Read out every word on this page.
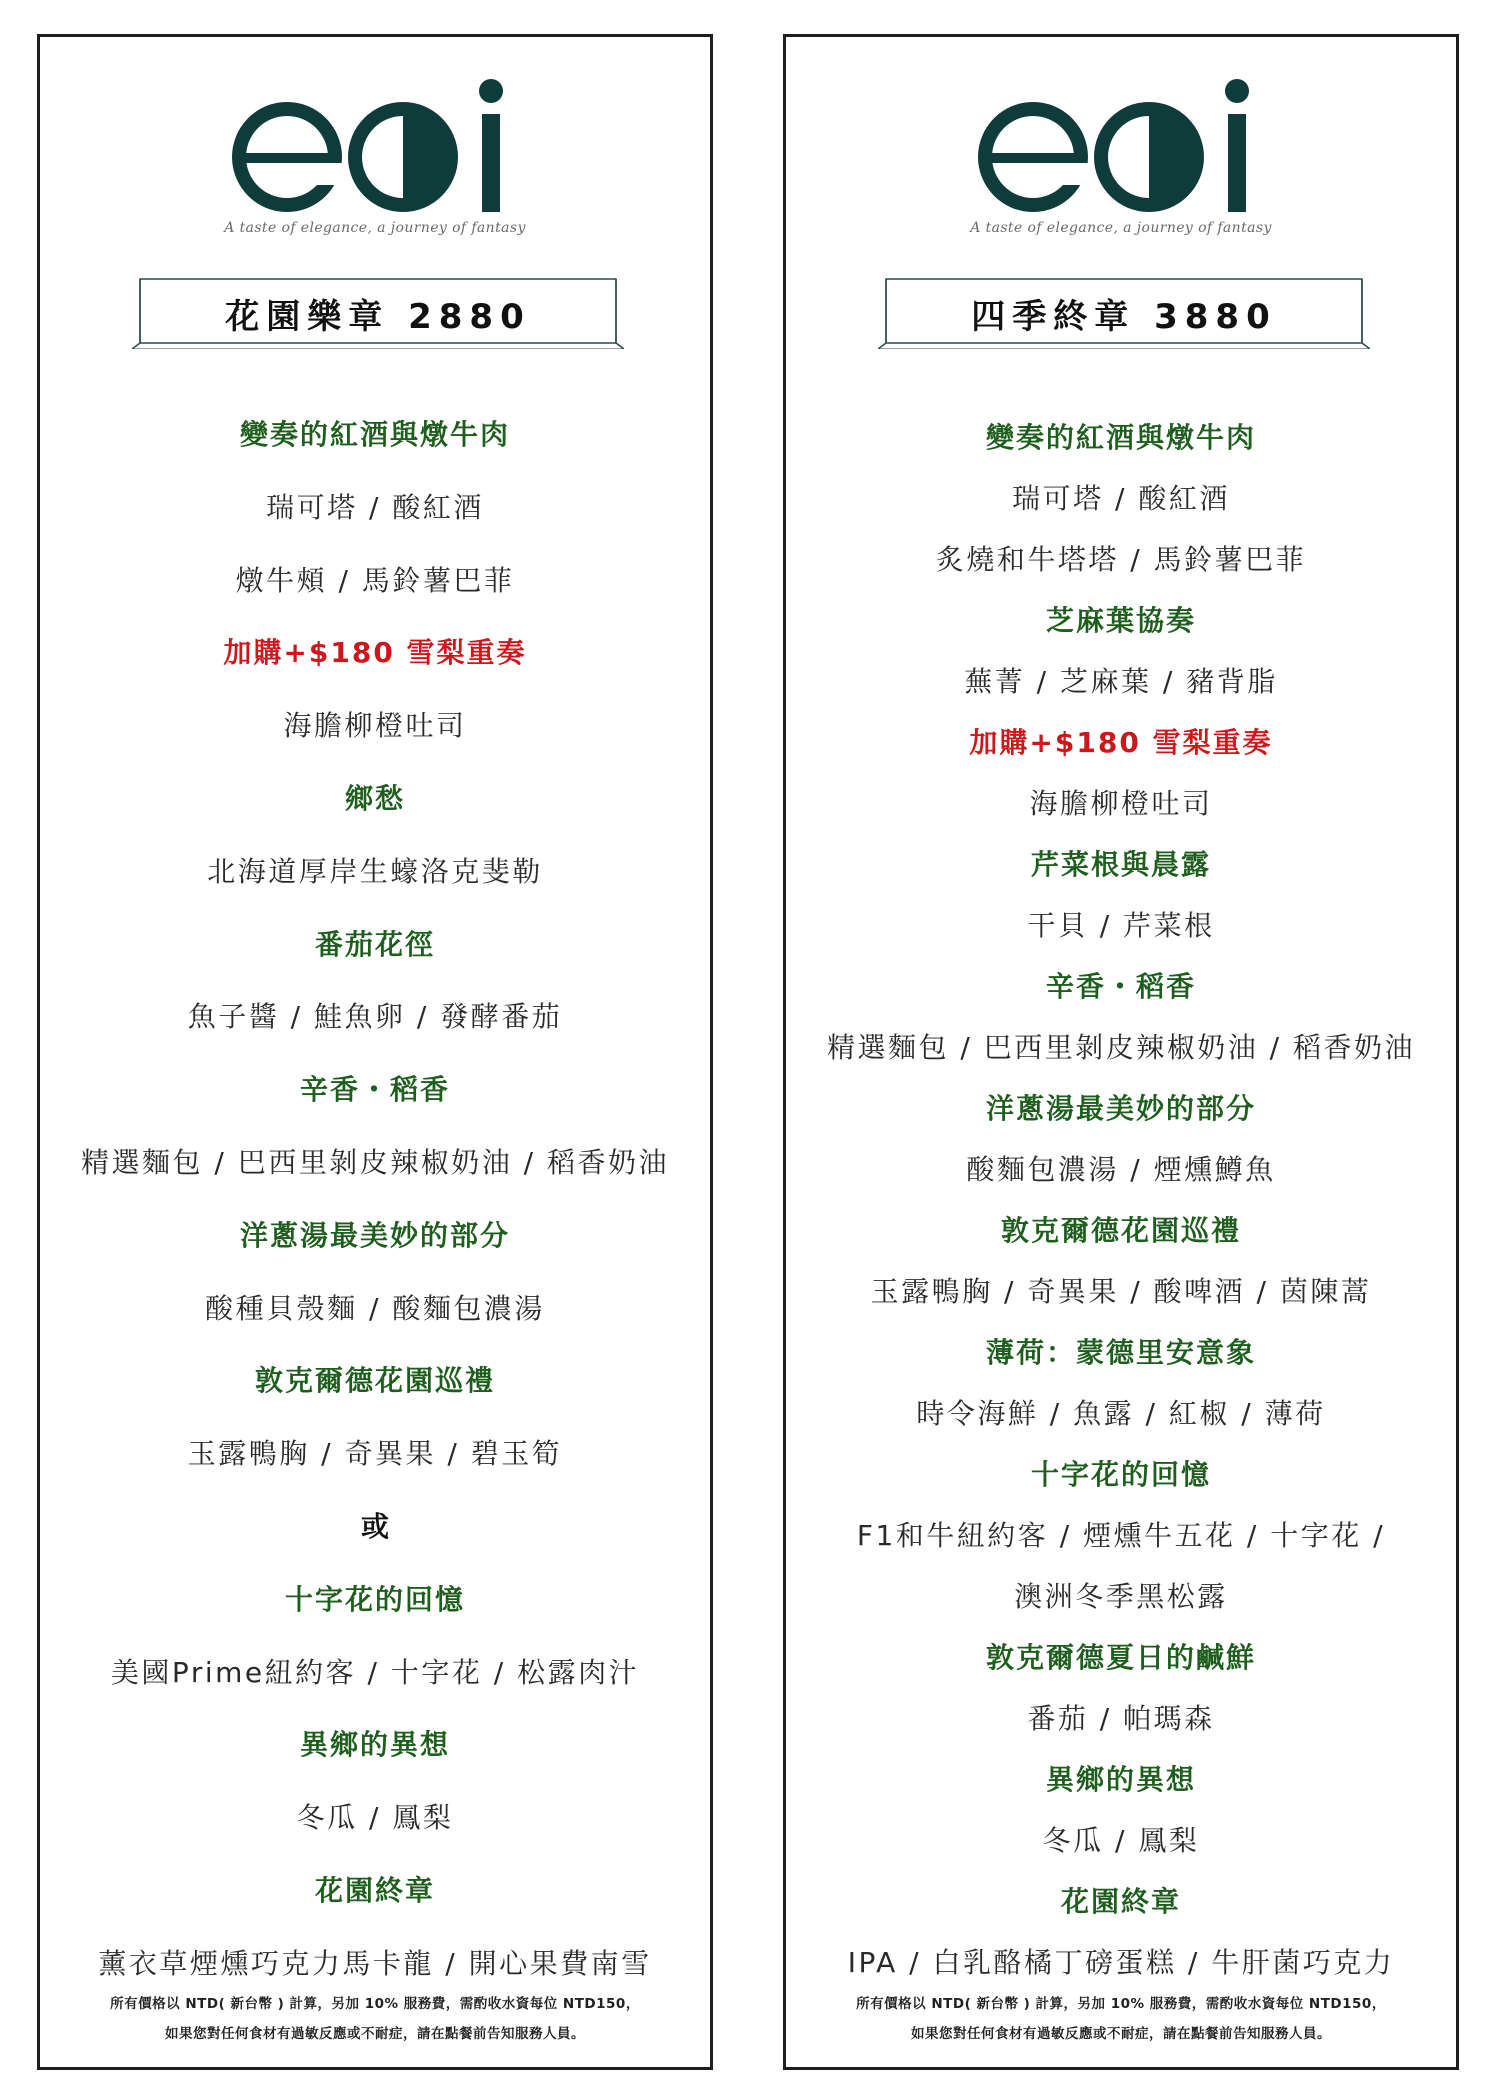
A taste of elegance, a journey of fantasy
花園樂章 2880
變奏的紅酒與燉牛肉
瑞可塔 / 酸紅酒
燉牛頰 / 馬鈴薯巴菲
加購+$180 雪梨重奏
海膽柳橙吐司
鄉愁
北海道厚岸生蠔洛克斐勒
番茄花徑
魚子醬 / 鮭魚卵 / 發酵番茄
辛香・稻香
精選麵包 / 巴西里剝皮辣椒奶油 / 稻香奶油
洋蔥湯最美妙的部分
酸種貝殼麵 / 酸麵包濃湯
敦克爾德花園巡禮
玉露鴨胸 / 奇異果 / 碧玉筍
或
十字花的回憶
美國Prime紐約客 / 十字花 / 松露肉汁
異鄉的異想
冬瓜 / 鳳梨
花園終章
薰衣草煙燻巧克力馬卡龍 / 開心果費南雪
所有價格以 NTD( 新台幣 ) 計算，另加 10% 服務費，需酌收水資每位 NTD150，
如果您對任何食材有過敏反應或不耐症，請在點餐前告知服務人員。
A taste of elegance, a journey of fantasy
四季終章 3880
變奏的紅酒與燉牛肉
瑞可塔 / 酸紅酒
炙燒和牛塔塔 / 馬鈴薯巴菲
芝麻葉協奏
蕪菁 / 芝麻葉 / 豬背脂
加購+$180 雪梨重奏
海膽柳橙吐司
芹菜根與晨露
干貝 / 芹菜根
辛香・稻香
精選麵包 / 巴西里剝皮辣椒奶油 / 稻香奶油
洋蔥湯最美妙的部分
酸麵包濃湯 / 煙燻鱒魚
敦克爾德花園巡禮
玉露鴨胸 / 奇異果 / 酸啤酒 / 茵陳蒿
薄荷：蒙德里安意象
時令海鮮 / 魚露 / 紅椒 / 薄荷
十字花的回憶
F1和牛紐約客 / 煙燻牛五花 / 十字花 /
澳洲冬季黑松露
敦克爾德夏日的鹹鮮
番茄 / 帕瑪森
異鄉的異想
冬瓜 / 鳳梨
花園終章
IPA / 白乳酪橘丁磅蛋糕 / 牛肝菌巧克力
所有價格以 NTD( 新台幣 ) 計算，另加 10% 服務費，需酌收水資每位 NTD150，
如果您對任何食材有過敏反應或不耐症，請在點餐前告知服務人員。
